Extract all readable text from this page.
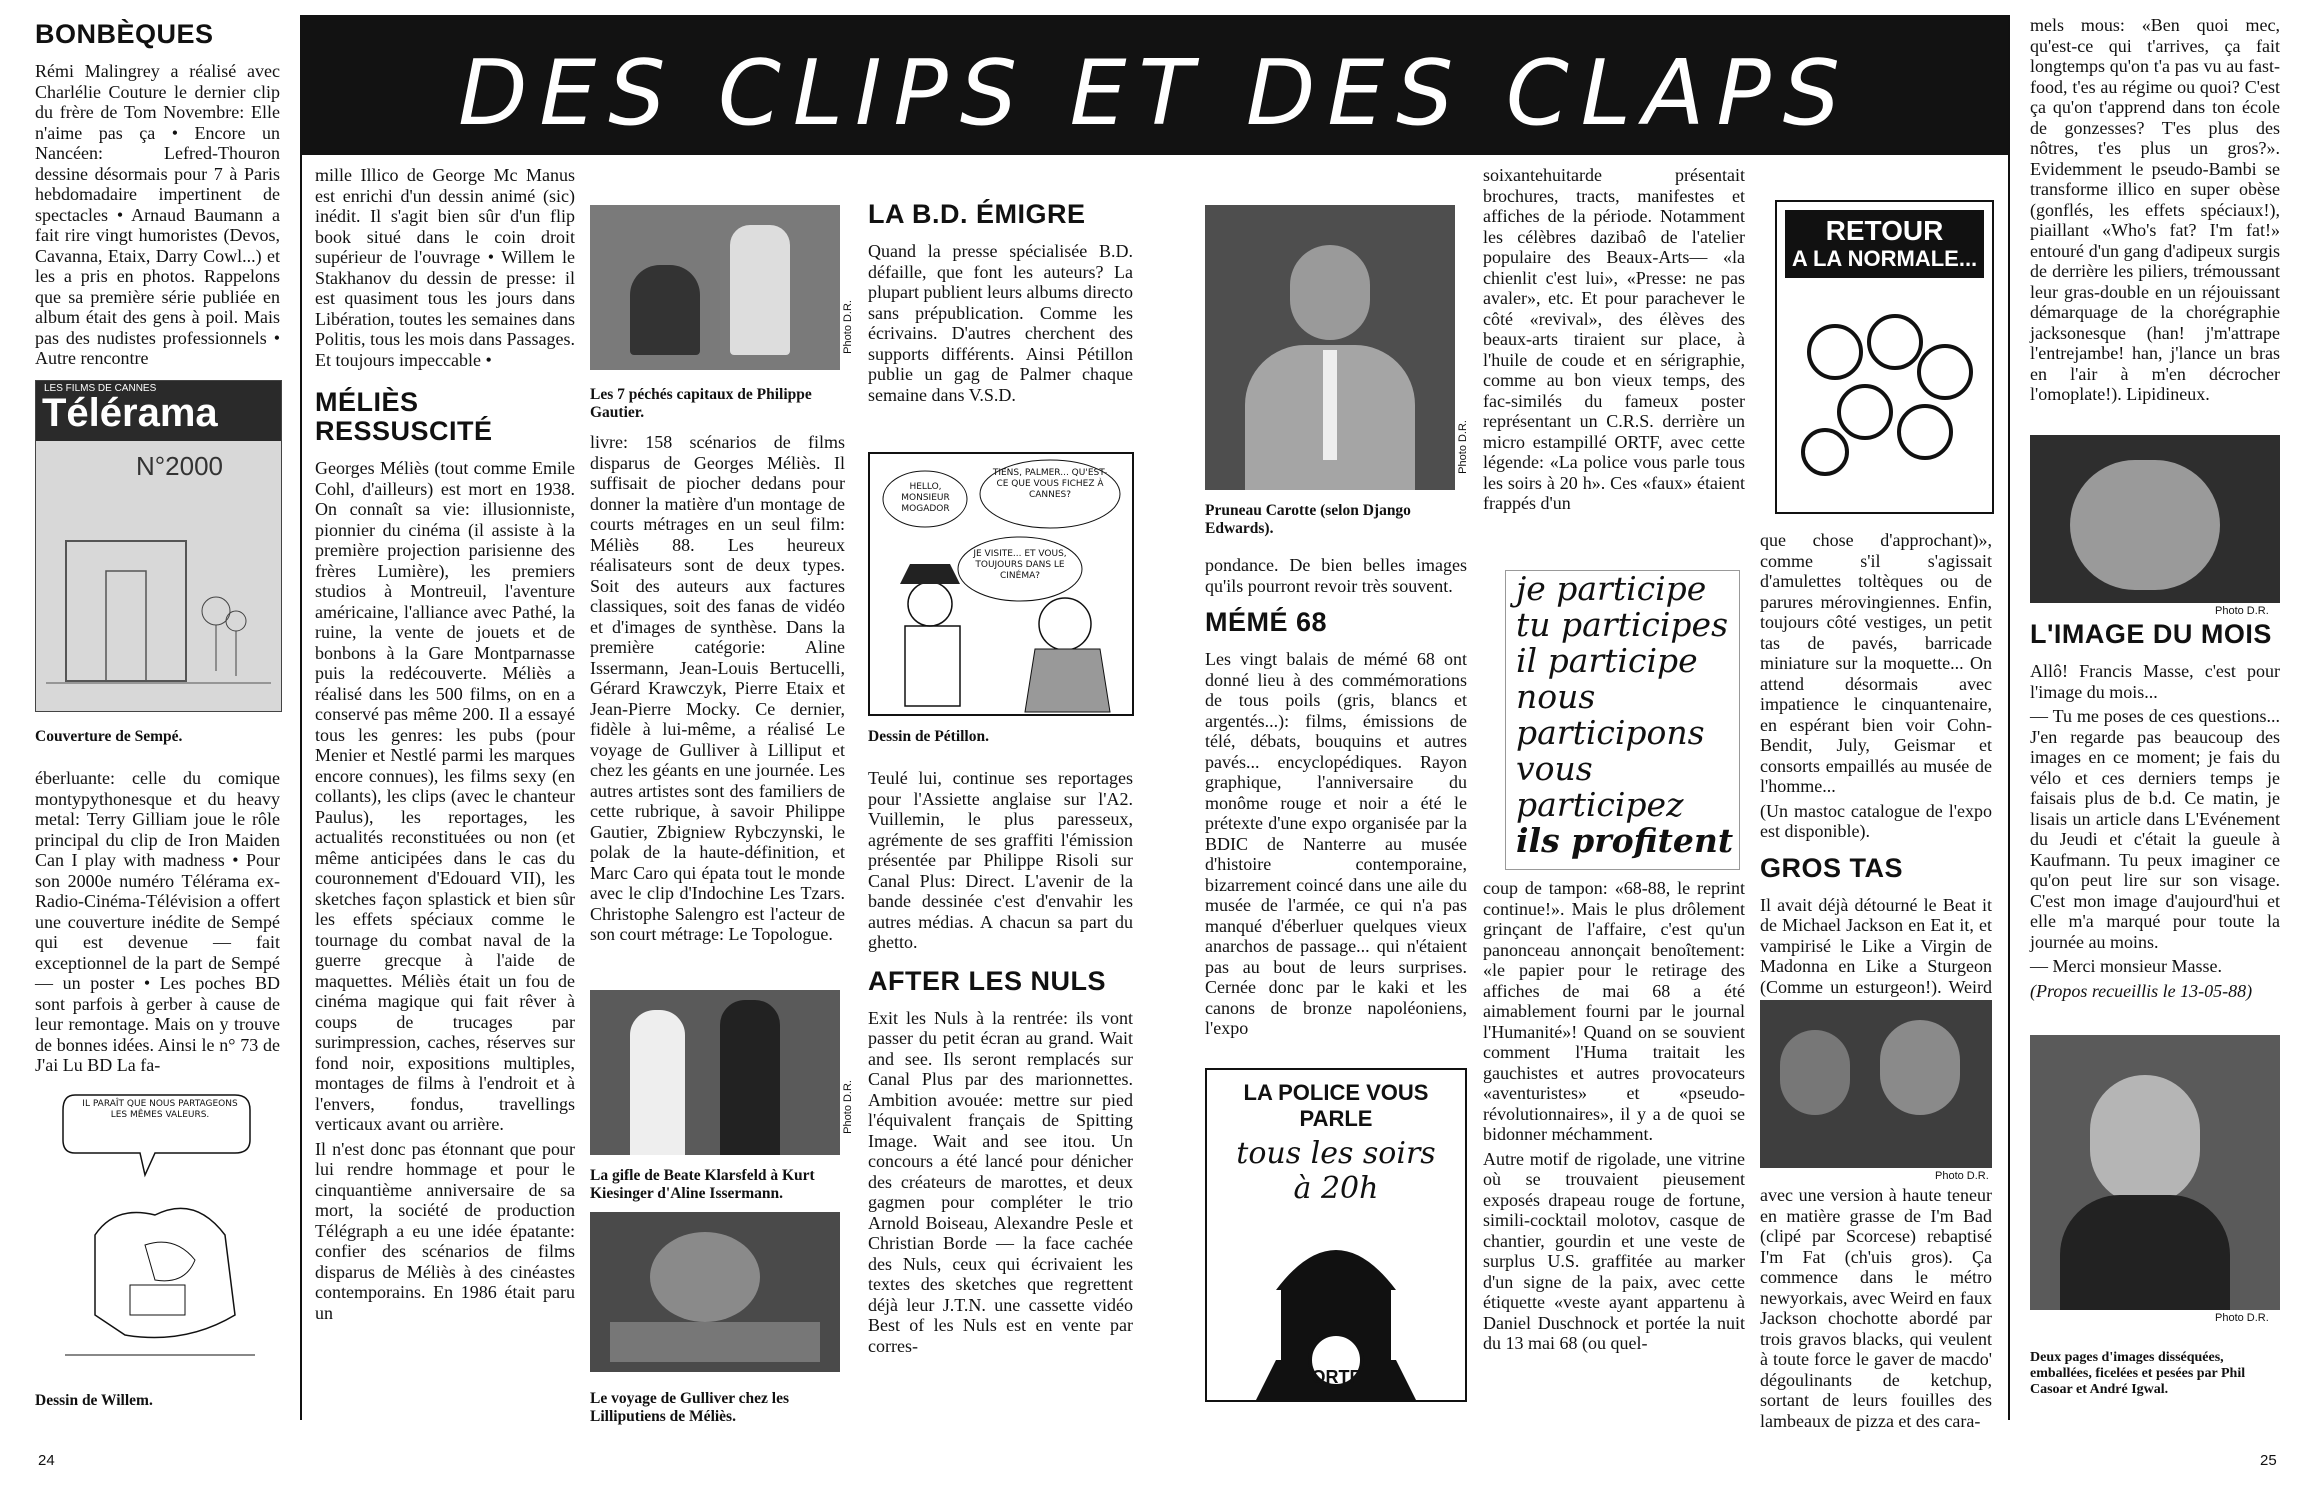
DES CLIPS ET DES CLAPS
BONBÈQUES

Rémi Malingrey a réalisé avec Charlélie Couture le dernier clip du frère de Tom Novembre: Elle n'aime pas ça • Encore un Nancéen: Lefred-Thouron dessine désormais pour 7 à Paris hebdomadaire impertinent de spectacles • Arnaud Baumann a fait rire vingt humoristes (Devos, Cavanna, Etaix, Darry Cowl...) et les a pris en photos. Rappelons que sa première série publiée en album était des gens à poil. Mais pas des nudistes professionnels • Autre rencontre

LES FILMS DE CANNES
Télérama
N°2000
Couverture de Sempé.

éberluante: celle du comique montypythonesque et du heavy metal: Terry Gilliam joue le rôle principal du clip de Iron Maiden Can I play with madness • Pour son 2000e numéro Télérama ex-Radio-Cinéma-Télévision a offert une couverture inédite de Sempé qui est devenue — fait exceptionnel de la part de Sempé — un poster • Les poches BD sont parfois à gerber à cause de leur remontage. Mais on y trouve de bonnes idées. Ainsi le n° 73 de J'ai Lu BD La fa-

IL PARAÎT QUE NOUS PARTAGEONS LES MÊMES VALEURS.
Dessin de Willem.

mille Illico de George Mc Manus est enrichi d'un dessin animé (sic) inédit. Il s'agit bien sûr d'un flip book situé dans le coin droit supérieur de l'ouvrage • Willem le Stakhanov du dessin de presse: il est quasiment tous les jours dans Libération, toutes les semaines dans Politis, tous les mois dans Passages. Et toujours impeccable •

MÉLIÈS RESSUSCITÉ

Georges Méliès (tout comme Emile Cohl, d'ailleurs) est mort en 1938. On connaît sa vie: illusionniste, pionnier du cinéma (il assiste à la première projection parisienne des frères Lumière), les premiers studios à Montreuil, l'aventure américaine, l'alliance avec Pathé, la ruine, la vente de jouets et de bonbons à la Gare Montparnasse puis la redécouverte. Méliès a réalisé dans les 500 films, on en a conservé pas même 200. Il a essayé tous les genres: les pubs (pour Menier et Nestlé parmi les marques encore connues), les films sexy (en collants), les clips (avec le chanteur Paulus), les reportages, les actualités reconstituées ou non (et même anticipées dans le cas du couronnement d'Edouard VII), les sketches façon splastick et bien sûr les effets spéciaux comme le tournage du combat naval de la guerre grecque à l'aide de maquettes. Méliès était un fou de cinéma magique qui fait rêver à coups de trucages par surimpression, caches, réserves sur fond noir, expositions multiples, montages de films à l'endroit et à l'envers, fondus, travellings verticaux avant ou arrière.

Il n'est donc pas étonnant que pour lui rendre hommage et pour le cinquantième anniversaire de sa mort, la société de production Télégraph a eu une idée épatante: confier des scénarios de films disparus de Méliès à des cinéastes contemporains. En 1986 était paru un

Photo D.R.
Les 7 péchés capitaux de Philippe Gautier.

livre: 158 scénarios de films disparus de Georges Méliès. Il suffisait de piocher dedans pour donner la matière d'un montage de courts métrages en un seul film: Méliès 88. Les heureux réalisateurs sont de deux types. Soit des auteurs aux factures classiques, soit des fanas de vidéo et d'images de synthèse. Dans la première catégorie: Aline Issermann, Jean-Louis Bertucelli, Gérard Krawczyk, Pierre Etaix et Jean-Pierre Mocky. Ce dernier, fidèle à lui-même, a réalisé Le voyage de Gulliver à Lilliput et chez les géants en une journée. Les autres artistes sont des familiers de cette rubrique, à savoir Philippe Gautier, Zbigniew Rybczynski, le polak de la haute-définition, et Marc Caro qui épata tout le monde avec le clip d'Indochine Les Tzars. Christophe Salengro est l'acteur de son court métrage: Le Topologue.

Photo D.R.
La gifle de Beate Klarsfeld à Kurt Kiesinger d'Aline Issermann.
Le voyage de Gulliver chez les Lilliputiens de Méliès.
LA B.D. ÉMIGRE

Quand la presse spécialisée B.D. défaille, que font les auteurs? La plupart publient leurs albums directo sans prépublication. Comme les écrivains. D'autres cherchent des supports différents. Ainsi Pétillon publie un gag de Palmer chaque semaine dans V.S.D.

HELLO, MONSIEUR MOGADOR
TIENS, PALMER... QU'EST-CE QUE VOUS FICHEZ À CANNES?
JE VISITE... ET VOUS, TOUJOURS DANS LE CINÉMA?
Dessin de Pétillon.

Teulé lui, continue ses reportages pour l'Assiette anglaise sur l'A2. Vuillemin, le plus paresseux, agrémente de ses graffiti l'émission présentée par Philippe Risoli sur Canal Plus: Direct. L'avenir de la bande dessinée c'est d'envahir les autres médias. A chacun sa part du ghetto.

AFTER LES NULS

Exit les Nuls à la rentrée: ils vont passer du petit écran au grand. Wait and see. Ils seront remplacés sur Canal Plus par des marionnettes. Ambition avouée: mettre sur pied l'équivalent français de Spitting Image. Wait and see itou. Un concours a été lancé pour dénicher des créateurs de marottes, et deux gagmen pour compléter le trio Arnold Boiseau, Alexandre Pesle et Christian Borde — la face cachée des Nuls, ceux qui écrivaient les textes des sketches que regrettent déjà leur J.T.N. une cassette vidéo Best of les Nuls est en vente par corres-

Photo D.R.
Pruneau Carotte (selon Django Edwards).

pondance. De bien belles images qu'ils pourront revoir très souvent.

MÉMÉ 68

Les vingt balais de mémé 68 ont donné lieu à des commémorations de tous poils (gris, blancs et argentés...): films, émissions de télé, débats, bouquins et autres pavés... encyclopédiques. Rayon graphique, l'anniversaire du monôme rouge et noir a été le prétexte d'une expo organisée par la BDIC de Nanterre au musée d'histoire contemporaine, bizarrement coincé dans une aile du musée de l'armée, ce qui n'a pas manqué d'éberluer quelques vieux anarchos de passage... qui n'étaient pas au bout de leurs surprises. Cernée donc par le kaki et les canons de bronze napoléoniens, l'expo

LA POLICE VOUS PARLE
tous les soirs
à 20h
ORTF

soixantehuitarde présentait brochures, tracts, manifestes et affiches de la période. Notamment les célèbres dazibaô de l'atelier populaire des Beaux-Arts— «la chienlit c'est lui», «Presse: ne pas avaler», etc. Et pour parachever le côté «revival», des élèves des beaux-arts tiraient sur place, à l'huile de coude et en sérigraphie, comme au bon vieux temps, des fac-similés du fameux poster représentant un C.R.S. derrière un micro estampillé ORTF, avec cette légende: «La police vous parle tous les soirs à 20 h». Ces «faux» étaient frappés d'un

je participe
tu participes
il participe
nous participons
vous participez
ils profitent

coup de tampon: «68-88, le reprint continue!». Mais le plus drôlement grinçant de l'affaire, c'est qu'un panonceau annonçait benoîtement: «le papier pour le retirage des affiches de mai 68 a été aimablement fourni par le journal l'Humanité»! Quand on se souvient comment l'Huma traitait les gauchistes et autres provocateurs «aventuristes» et «pseudo-révolutionnaires», il y a de quoi se bidonner méchamment.

Autre motif de rigolade, une vitrine où se trouvaient pieusement exposés drapeau rouge de fortune, simili-cocktail molotov, casque de chantier, gourdin et une veste de surplus U.S. graffitée au marker d'un signe de la paix, avec cette étiquette «veste ayant appartenu à Daniel Duschnock et portée la nuit du 13 mai 68 (ou quel-

RETOUR
A LA NORMALE...

que chose d'approchant)», comme s'il s'agissait d'amulettes toltèques ou de parures mérovingiennes. Enfin, toujours côté vestiges, un petit tas de pavés, barricade miniature sur la moquette... On attend désormais avec impatience le cinquantenaire, en espérant bien voir Cohn-Bendit, July, Geismar et consorts empaillés au musée de l'homme...

(Un mastoc catalogue de l'expo est disponible).

GROS TAS

Il avait déjà détourné le Beat it de Michael Jackson en Eat it, et vampirisé le Like a Virgin de Madonna en Like a Sturgeon (Comme un esturgeon!). Weird

Photo D.R.

avec une version à haute teneur en matière grasse de I'm Bad (clipé par Scorcese) rebaptisé I'm Fat (ch'uis gros). Ça commence dans le métro newyorkais, avec Weird en faux Jackson chochotte abordé par trois gravos blacks, qui veulent à toute force le gaver de macdo' dégoulinants de ketchup, sortant de leurs fouilles des lambeaux de pizza et des cara-

mels mous: «Ben quoi mec, qu'est-ce qui t'arrives, ça fait longtemps qu'on t'a pas vu au fast-food, t'es au régime ou quoi? C'est ça qu'on t'apprend dans ton école de gonzesses? T'es plus des nôtres, t'es plus un gros?». Evidemment le pseudo-Bambi se transforme illico en super obèse (gonflés, les effets spéciaux!), piaillant «Who's fat? I'm fat!» entouré d'un gang d'adipeux surgis de derrière les piliers, trémoussant leur gras-double en un réjouissant démarquage de la chorégraphie jacksonesque (han! j'm'attrape l'entrejambe! han, j'lance un bras en l'air à m'en décrocher l'omoplate!). Lipidineux.

Photo D.R.
L'IMAGE DU MOIS

Allô! Francis Masse, c'est pour l'image du mois...

— Tu me poses de ces questions... J'en regarde pas beaucoup des images en ce moment; je fais du vélo et ces derniers temps je faisais plus de b.d. Ce matin, je lisais un article dans L'Evénement du Jeudi et c'était la gueule à Kaufmann. Tu peux imaginer ce qu'on peut lire sur son visage. C'est mon image d'aujourd'hui et elle m'a marqué pour toute la journée au moins.

— Merci monsieur Masse.

(Propos recueillis le 13-05-88)

Photo D.R.
Deux pages d'images disséquées, emballées, ficelées et pesées par Phil Casoar et André Igwal.
24	25
